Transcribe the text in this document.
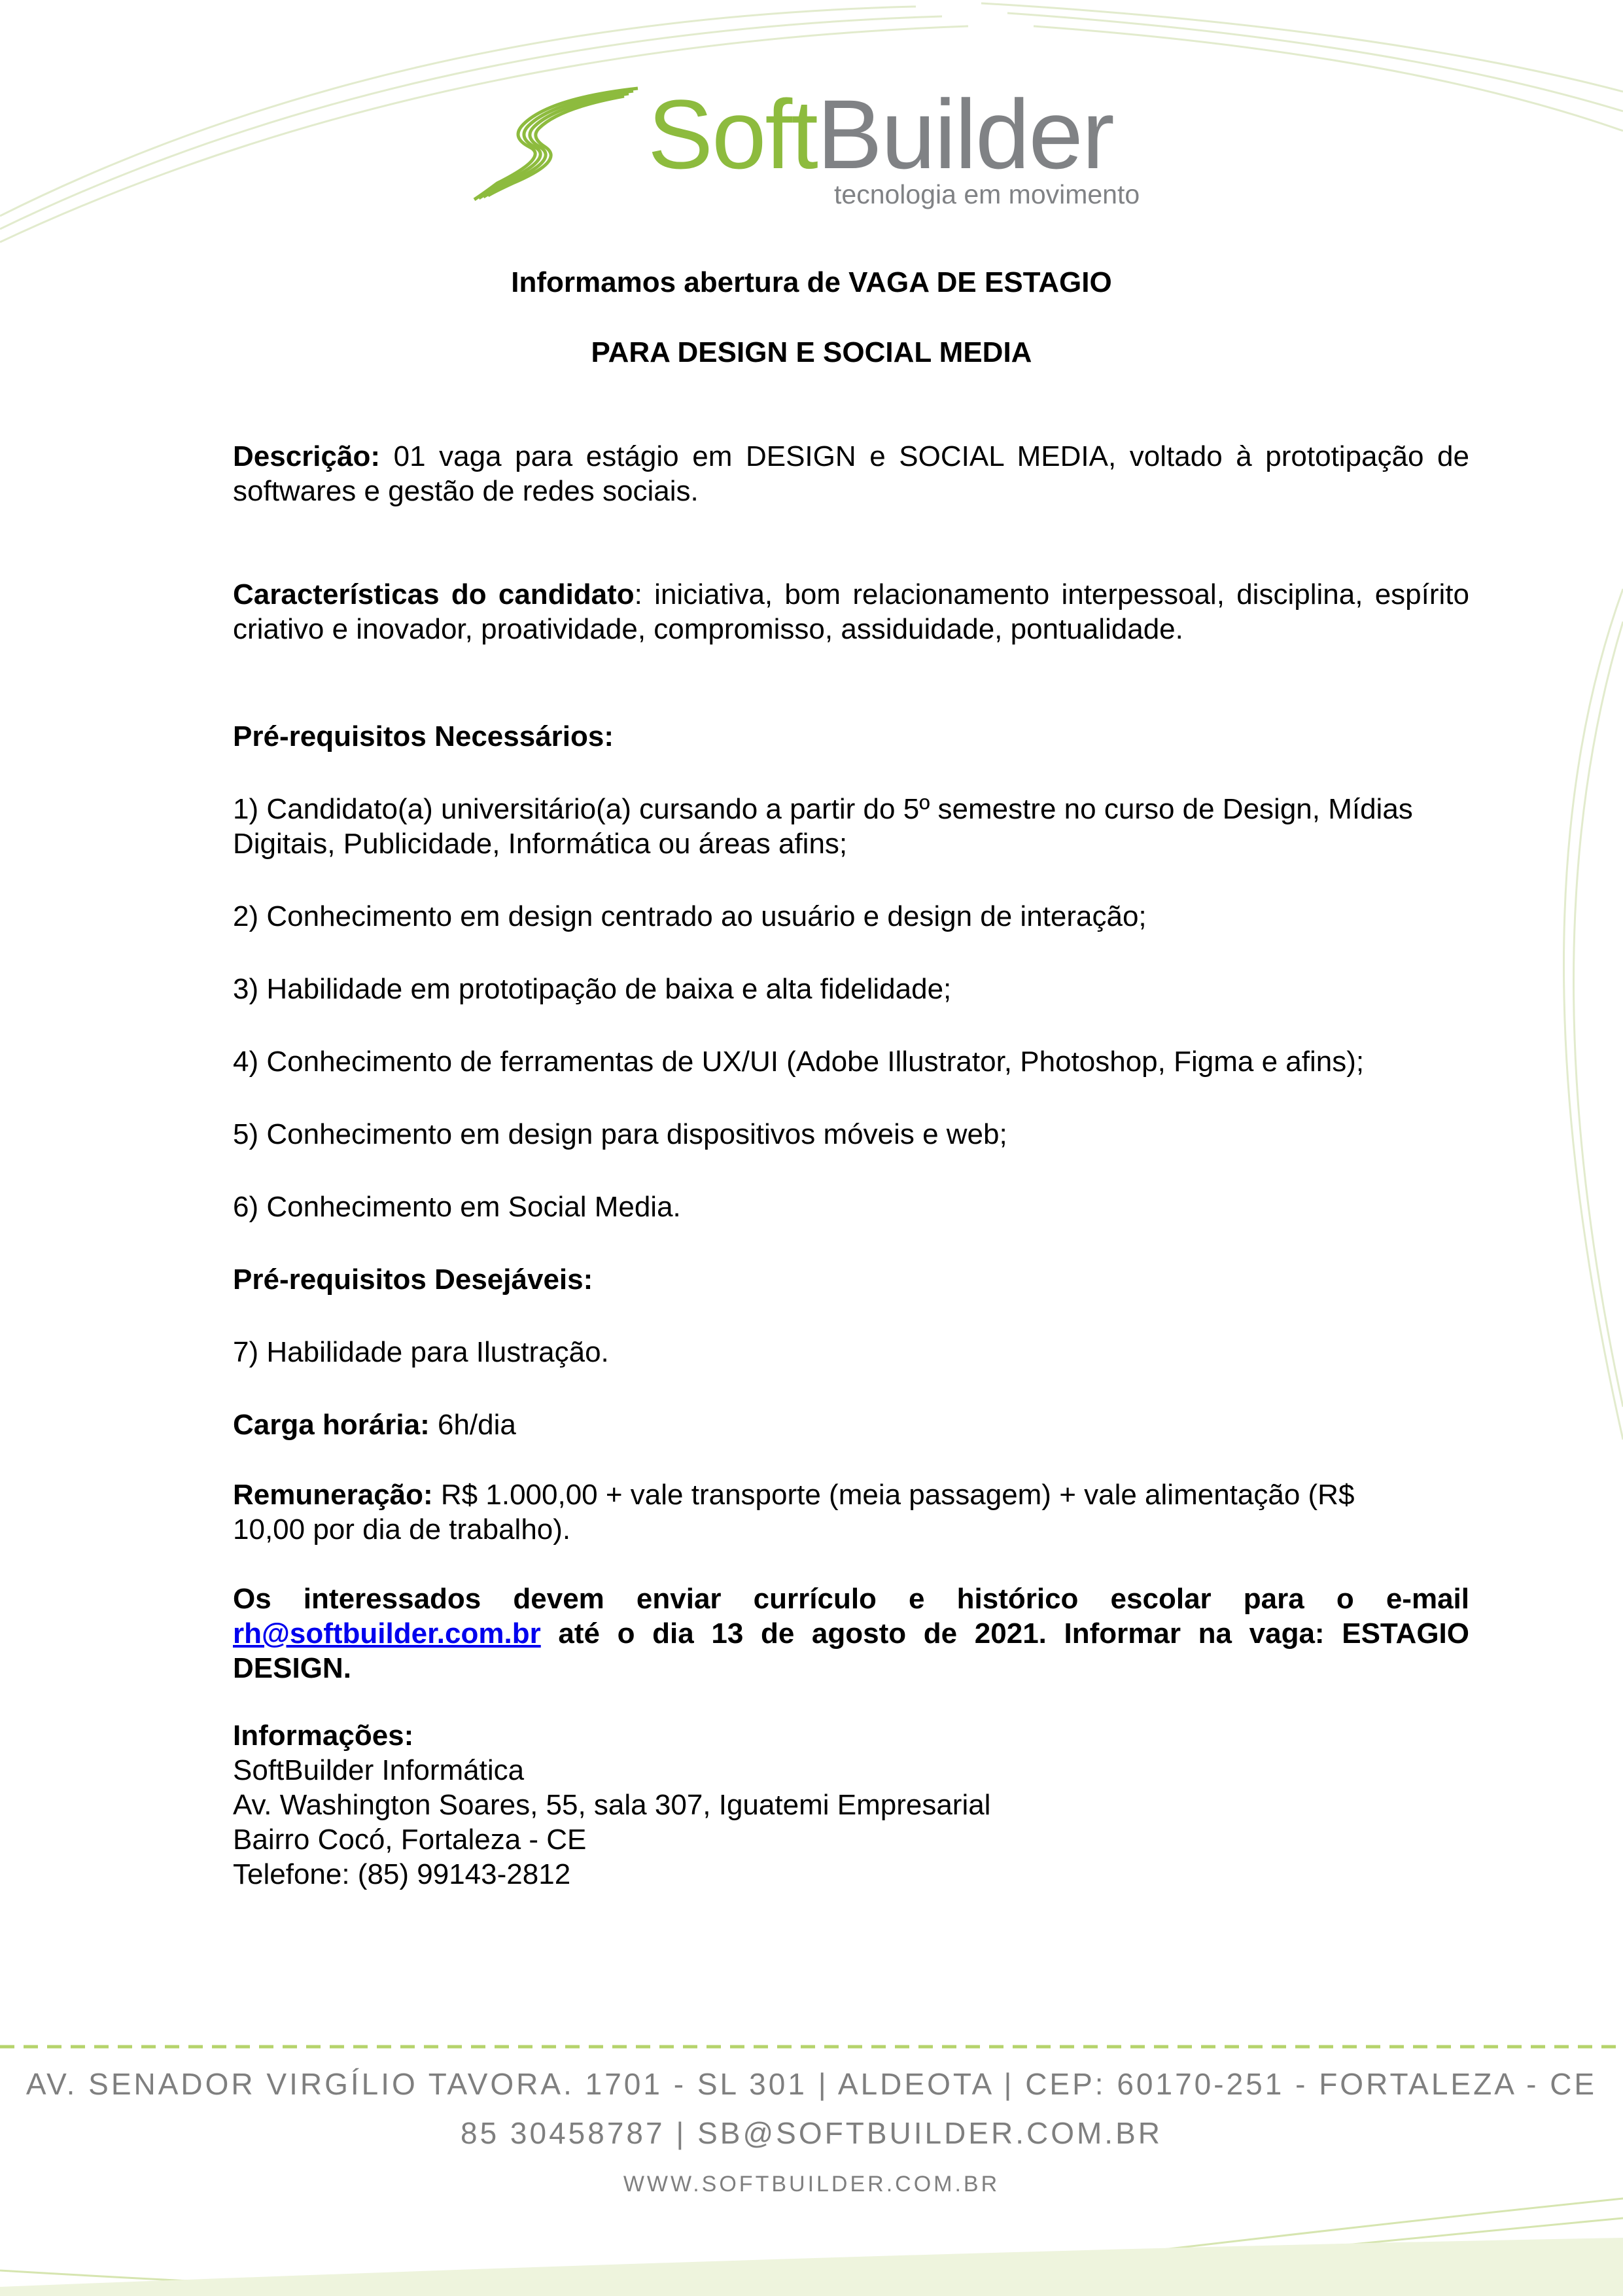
SoftBuilder
tecnologia em movimento

Informamos abertura de VAGA DE ESTAGIO

PARA DESIGN E SOCIAL MEDIA

Descrição: 01 vaga para estágio em DESIGN e SOCIAL MEDIA, voltado à prototipação de softwares e gestão de redes sociais.

Características do candidato: iniciativa, bom relacionamento interpessoal, disciplina, espírito criativo e inovador, proatividade, compromisso, assiduidade, pontualidade.

Pré-requisitos Necessários:

1) Candidato(a) universitário(a) cursando a partir do 5º semestre no curso de Design, Mídias Digitais, Publicidade, Informática ou áreas afins;

2) Conhecimento em design centrado ao usuário e design de interação;

3) Habilidade em prototipação de baixa e alta fidelidade;

4) Conhecimento de ferramentas de UX/UI (Adobe Illustrator, Photoshop, Figma e afins);

5) Conhecimento em design para dispositivos móveis e web;

6) Conhecimento em Social Media.

Pré-requisitos Desejáveis:

7) Habilidade para Ilustração.

Carga horária: 6h/dia

Remuneração: R$ 1.000,00 + vale transporte (meia passagem) + vale alimentação (R$ 10,00 por dia de trabalho).

Os interessados devem enviar currículo e histórico escolar para o e-mail rh@softbuilder.com.br até o dia 13 de agosto de 2021. Informar na vaga: ESTAGIO DESIGN.

Informações:
SoftBuilder Informática
Av. Washington Soares, 55, sala 307, Iguatemi Empresarial
Bairro Cocó, Fortaleza - CE
Telefone: (85) 99143-2812
AV. SENADOR VIRGÍLIO TAVORA. 1701 - SL 301 | ALDEOTA | CEP: 60170-251 - FORTALEZA - CE
85 30458787 | SB@SOFTBUILDER.COM.BR
WWW.SOFTBUILDER.COM.BR
